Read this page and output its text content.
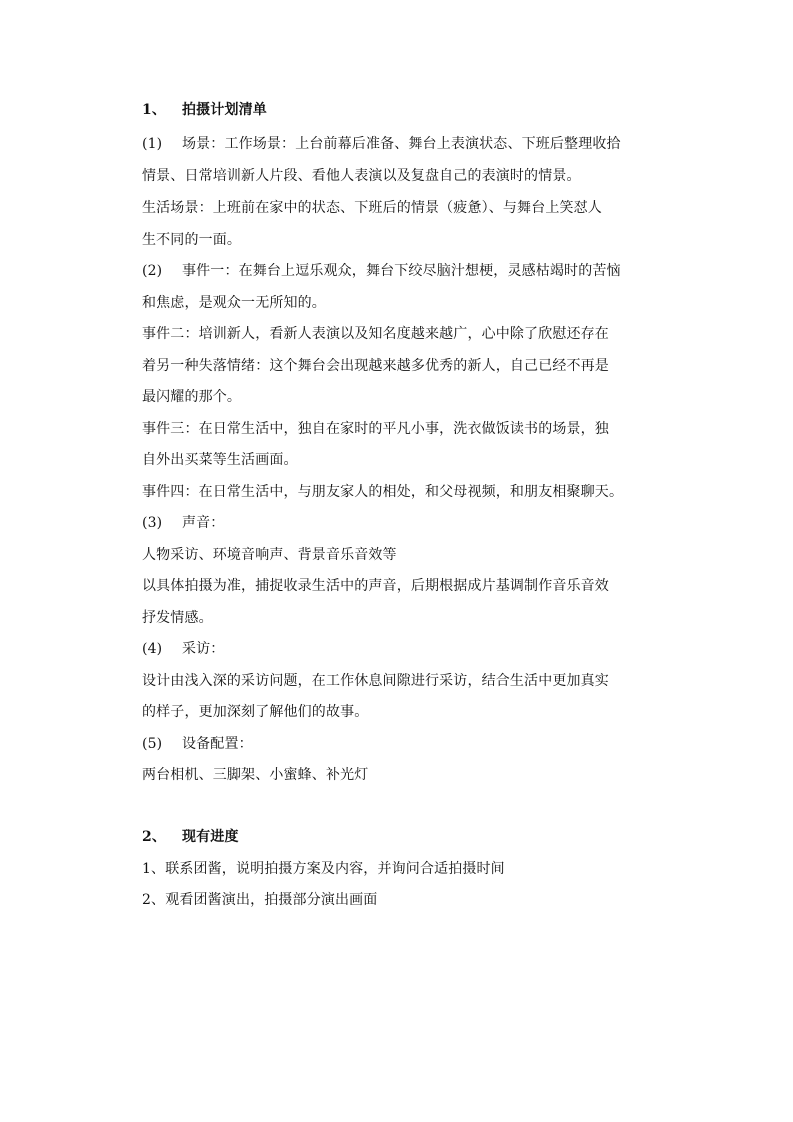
1、 拍摄计划清单
(1) 场景：工作场景：上台前幕后准备、舞台上表演状态、下班后整理收拾
情景、日常培训新人片段、看他人表演以及复盘自己的表演时的情景。
生活场景：上班前在家中的状态、下班后的情景（疲惫）、与舞台上笑怼人
生不同的一面。
(2) 事件一：在舞台上逗乐观众，舞台下绞尽脑汁想梗，灵感枯竭时的苦恼
和焦虑，是观众一无所知的。
事件二：培训新人，看新人表演以及知名度越来越广，心中除了欣慰还存在
着另一种失落情绪：这个舞台会出现越来越多优秀的新人，自己已经不再是
最闪耀的那个。
事件三：在日常生活中，独自在家时的平凡小事，洗衣做饭读书的场景，独
自外出买菜等生活画面。
事件四：在日常生活中，与朋友家人的相处，和父母视频，和朋友相聚聊天。
(3) 声音：
人物采访、环境音响声、背景音乐音效等
以具体拍摄为准，捕捉收录生活中的声音，后期根据成片基调制作音乐音效
抒发情感。
(4) 采访：
设计由浅入深的采访问题，在工作休息间隙进行采访，结合生活中更加真实
的样子，更加深刻了解他们的故事。
(5) 设备配置：
两台相机、三脚架、小蜜蜂、补光灯
2、 现有进度
1、联系团酱，说明拍摄方案及内容，并询问合适拍摄时间
2、观看团酱演出，拍摄部分演出画面
